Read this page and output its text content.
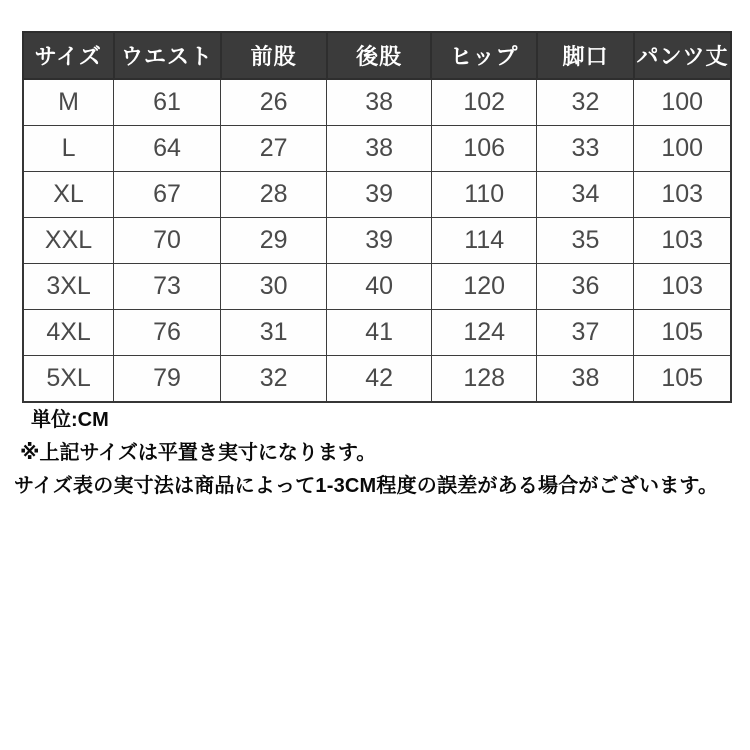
サイズ	ウエスト	前股	後股	ヒップ	脚口	パンツ丈
M	61	26	38	102	32	100
L	64	27	38	106	33	100
XL	67	28	39	110	34	103
XXL	70	29	39	114	35	103
3XL	73	30	40	120	36	103
4XL	76	31	41	124	37	105
5XL	79	32	42	128	38	105

単位:CM

※上記サイズは平置き実寸になります。

サイズ表の実寸法は商品によって1-3CM程度の誤差がある場合がございます。
